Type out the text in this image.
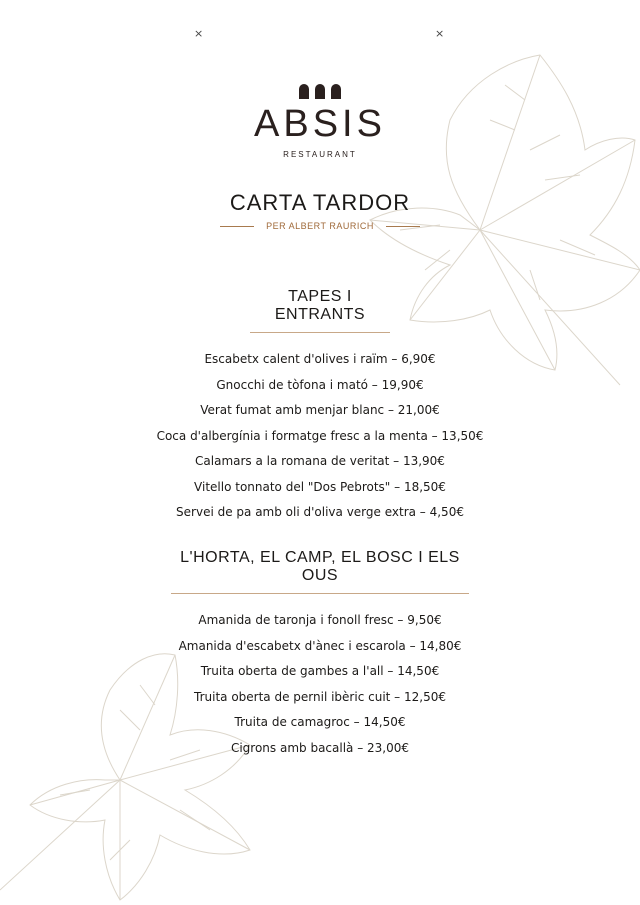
×	×
ABSIS
RESTAURANT
CARTA TARDOR
PER ALBERT RAURICH
TAPES I ENTRANTS
Escabetx calent d'olives i raïm – 6,90€
Gnocchi de tòfona i mató – 19,90€
Verat fumat amb menjar blanc – 21,00€
Coca d'albergínia i formatge fresc a la menta – 13,50€
Calamars a la romana de veritat – 13,90€
Vitello tonnato del "Dos Pebrots" – 18,50€
Servei de pa amb oli d'oliva verge extra – 4,50€
L'HORTA, EL CAMP, EL BOSC I ELS OUS
Amanida de taronja i fonoll fresc – 9,50€
Amanida d'escabetx d'ànec i escarola – 14,80€
Truita oberta de gambes a l'all – 14,50€
Truita oberta de pernil ibèric cuit – 12,50€
Truita de camagroc – 14,50€
Cigrons amb bacallà – 23,00€
